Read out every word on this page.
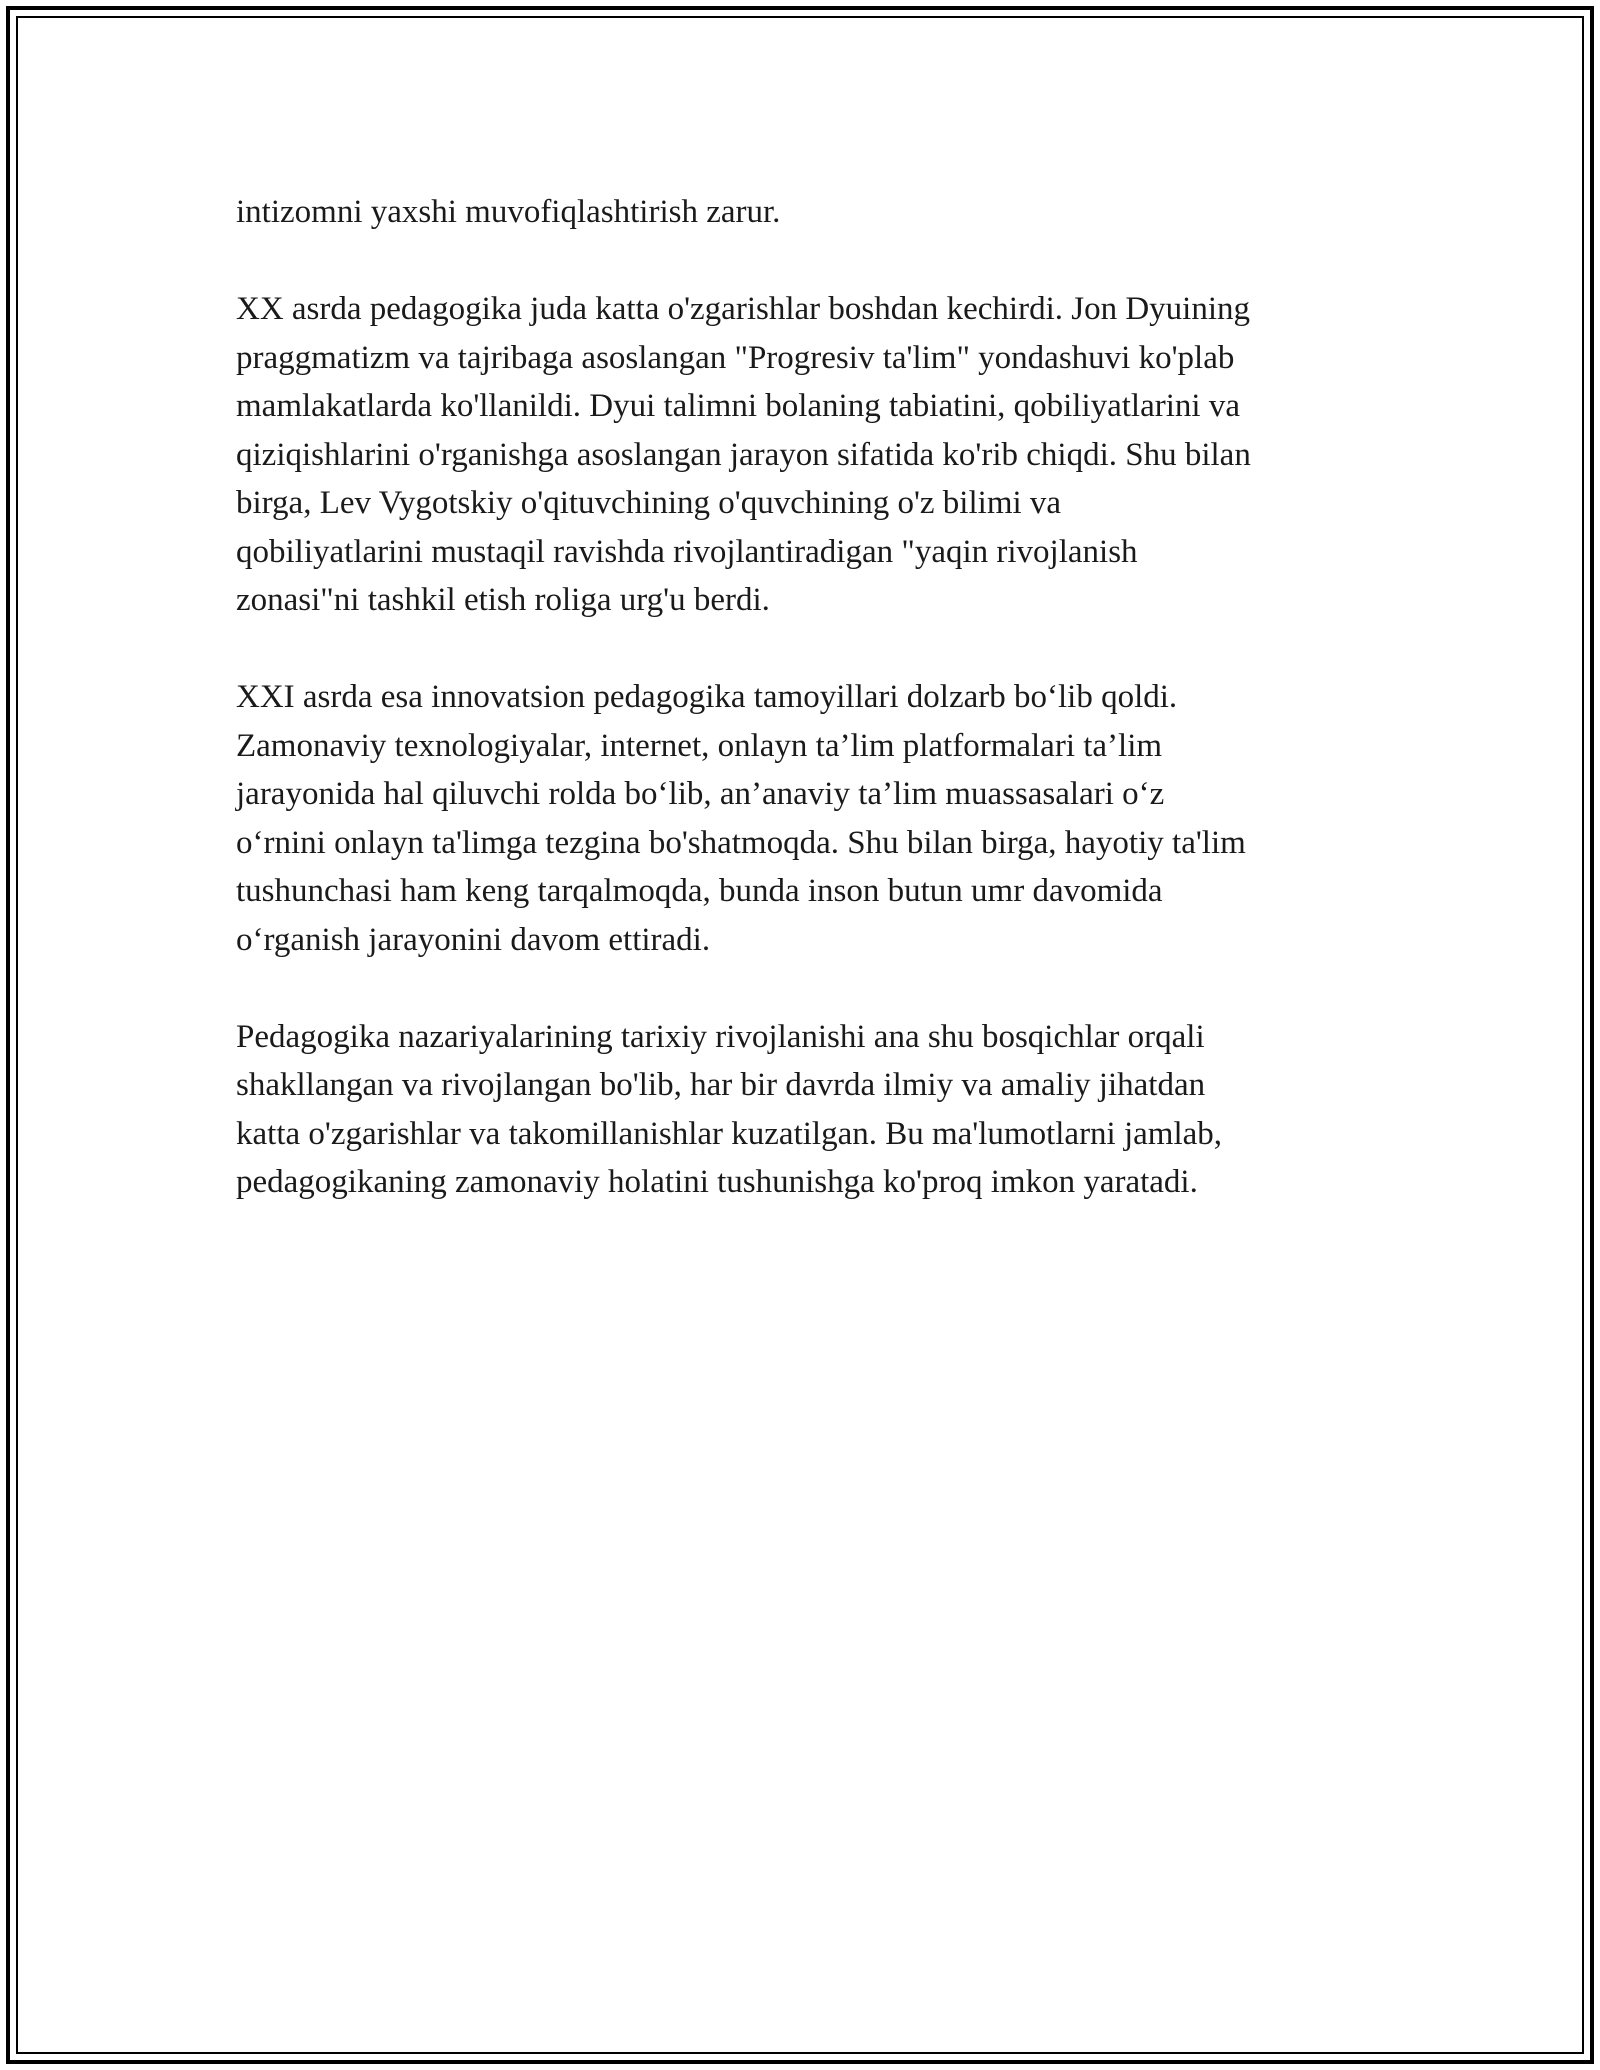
intizomni yaxshi muvofiqlashtirish zarur.

XX asrda pedagogika juda katta o'zgarishlar boshdan kechirdi. Jon Dyuining
praggmatizm va tajribaga asoslangan "Progresiv ta'lim" yondashuvi ko'plab
mamlakatlarda ko'llanildi. Dyui talimni bolaning tabiatini, qobiliyatlarini va
qiziqishlarini o'rganishga asoslangan jarayon sifatida ko'rib chiqdi. Shu bilan
birga, Lev Vygotskiy o'qituvchining o'quvchining o'z bilimi va
qobiliyatlarini mustaqil ravishda rivojlantiradigan "yaqin rivojlanish
zonasi"ni tashkil etish roliga urg'u berdi.

XXI asrda esa innovatsion pedagogika tamoyillari dolzarb bo‘lib qoldi.
Zamonaviy texnologiyalar, internet, onlayn ta’lim platformalari ta’lim
jarayonida hal qiluvchi rolda bo‘lib, an’anaviy ta’lim muassasalari o‘z
o‘rnini onlayn ta'limga tezgina bo'shatmoqda. Shu bilan birga, hayotiy ta'lim
tushunchasi ham keng tarqalmoqda, bunda inson butun umr davomida
o‘rganish jarayonini davom ettiradi.

Pedagogika nazariyalarining tarixiy rivojlanishi ana shu bosqichlar orqali
shakllangan va rivojlangan bo'lib, har bir davrda ilmiy va amaliy jihatdan
katta o'zgarishlar va takomillanishlar kuzatilgan. Bu ma'lumotlarni jamlab,
pedagogikaning zamonaviy holatini tushunishga ko'proq imkon yaratadi.
